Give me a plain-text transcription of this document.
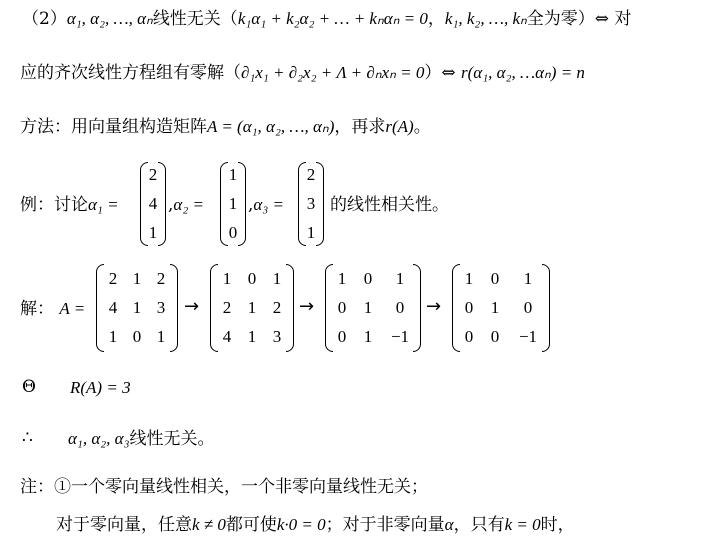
（2）α₁, α₂, …, αₙ线性无关（k₁α₁ + k₂α₂ + … + kₙαₙ = 0，k₁, k₂, …, kₙ全为零）⇔ 对
应的齐次线性方程组有零解（∂₁x₁ + ∂₂x₂ + Λ + ∂ₙxₙ = 0）⇔ r(α₁, α₂, …αₙ) = n
方法：用向量组构造矩阵A = (α₁, α₂, …, αₙ)，再求r(A)。
例：讨论α₁ =
2
4
1
,α₂ =
1
1
0
,α₃ =
2
3
1
的线性相关性。
解： A =
2 1 2
4 1 3
1 0 1
→
1 0 1
2 1 2
4 1 3
→
1	0	1
0	1	0
0	1	−1
→
1	0	1
0	1	0
0	0	−1
Θ R(A) = 3
∴ α₁, α₂, α₃线性无关。
注：①一个零向量线性相关，一个非零向量线性无关；
对于零向量，任意k ≠ 0都可使k·0 = 0；对于非零向量α，只有k = 0时，
